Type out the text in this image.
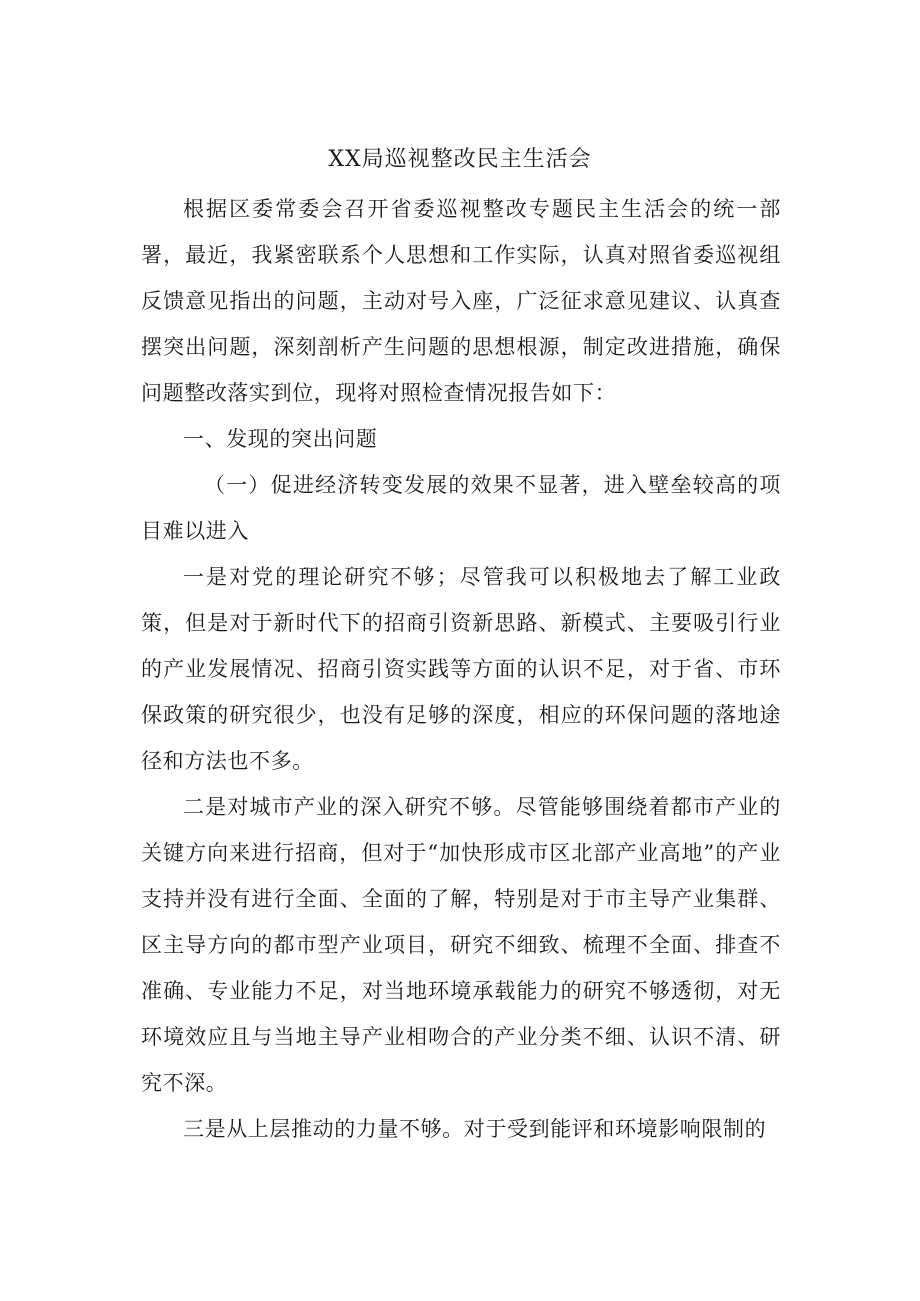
XX局巡视整改民主生活会

根据区委常委会召开省委巡视整改专题民主生活会的统一部署，最近，我紧密联系个人思想和工作实际，认真对照省委巡视组反馈意见指出的问题，主动对号入座，广泛征求意见建议、认真查摆突出问题，深刻剖析产生问题的思想根源，制定改进措施，确保问题整改落实到位，现将对照检查情况报告如下：

一、发现的突出问题

（一）促进经济转变发展的效果不显著，进入壁垒较高的项目难以进入

一是对党的理论研究不够；尽管我可以积极地去了解工业政策，但是对于新时代下的招商引资新思路、新模式、主要吸引行业的产业发展情况、招商引资实践等方面的认识不足，对于省、市环保政策的研究很少，也没有足够的深度，相应的环保问题的落地途径和方法也不多。

二是对城市产业的深入研究不够。尽管能够围绕着都市产业的关键方向来进行招商，但对于“加快形成市区北部产业高地”的产业支持并没有进行全面、全面的了解，特别是对于市主导产业集群、区主导方向的都市型产业项目，研究不细致、梳理不全面、排查不准确、专业能力不足，对当地环境承载能力的研究不够透彻，对无环境效应且与当地主导产业相吻合的产业分类不细、认识不清、研究不深。

三是从上层推动的力量不够。对于受到能评和环境影响限制的
